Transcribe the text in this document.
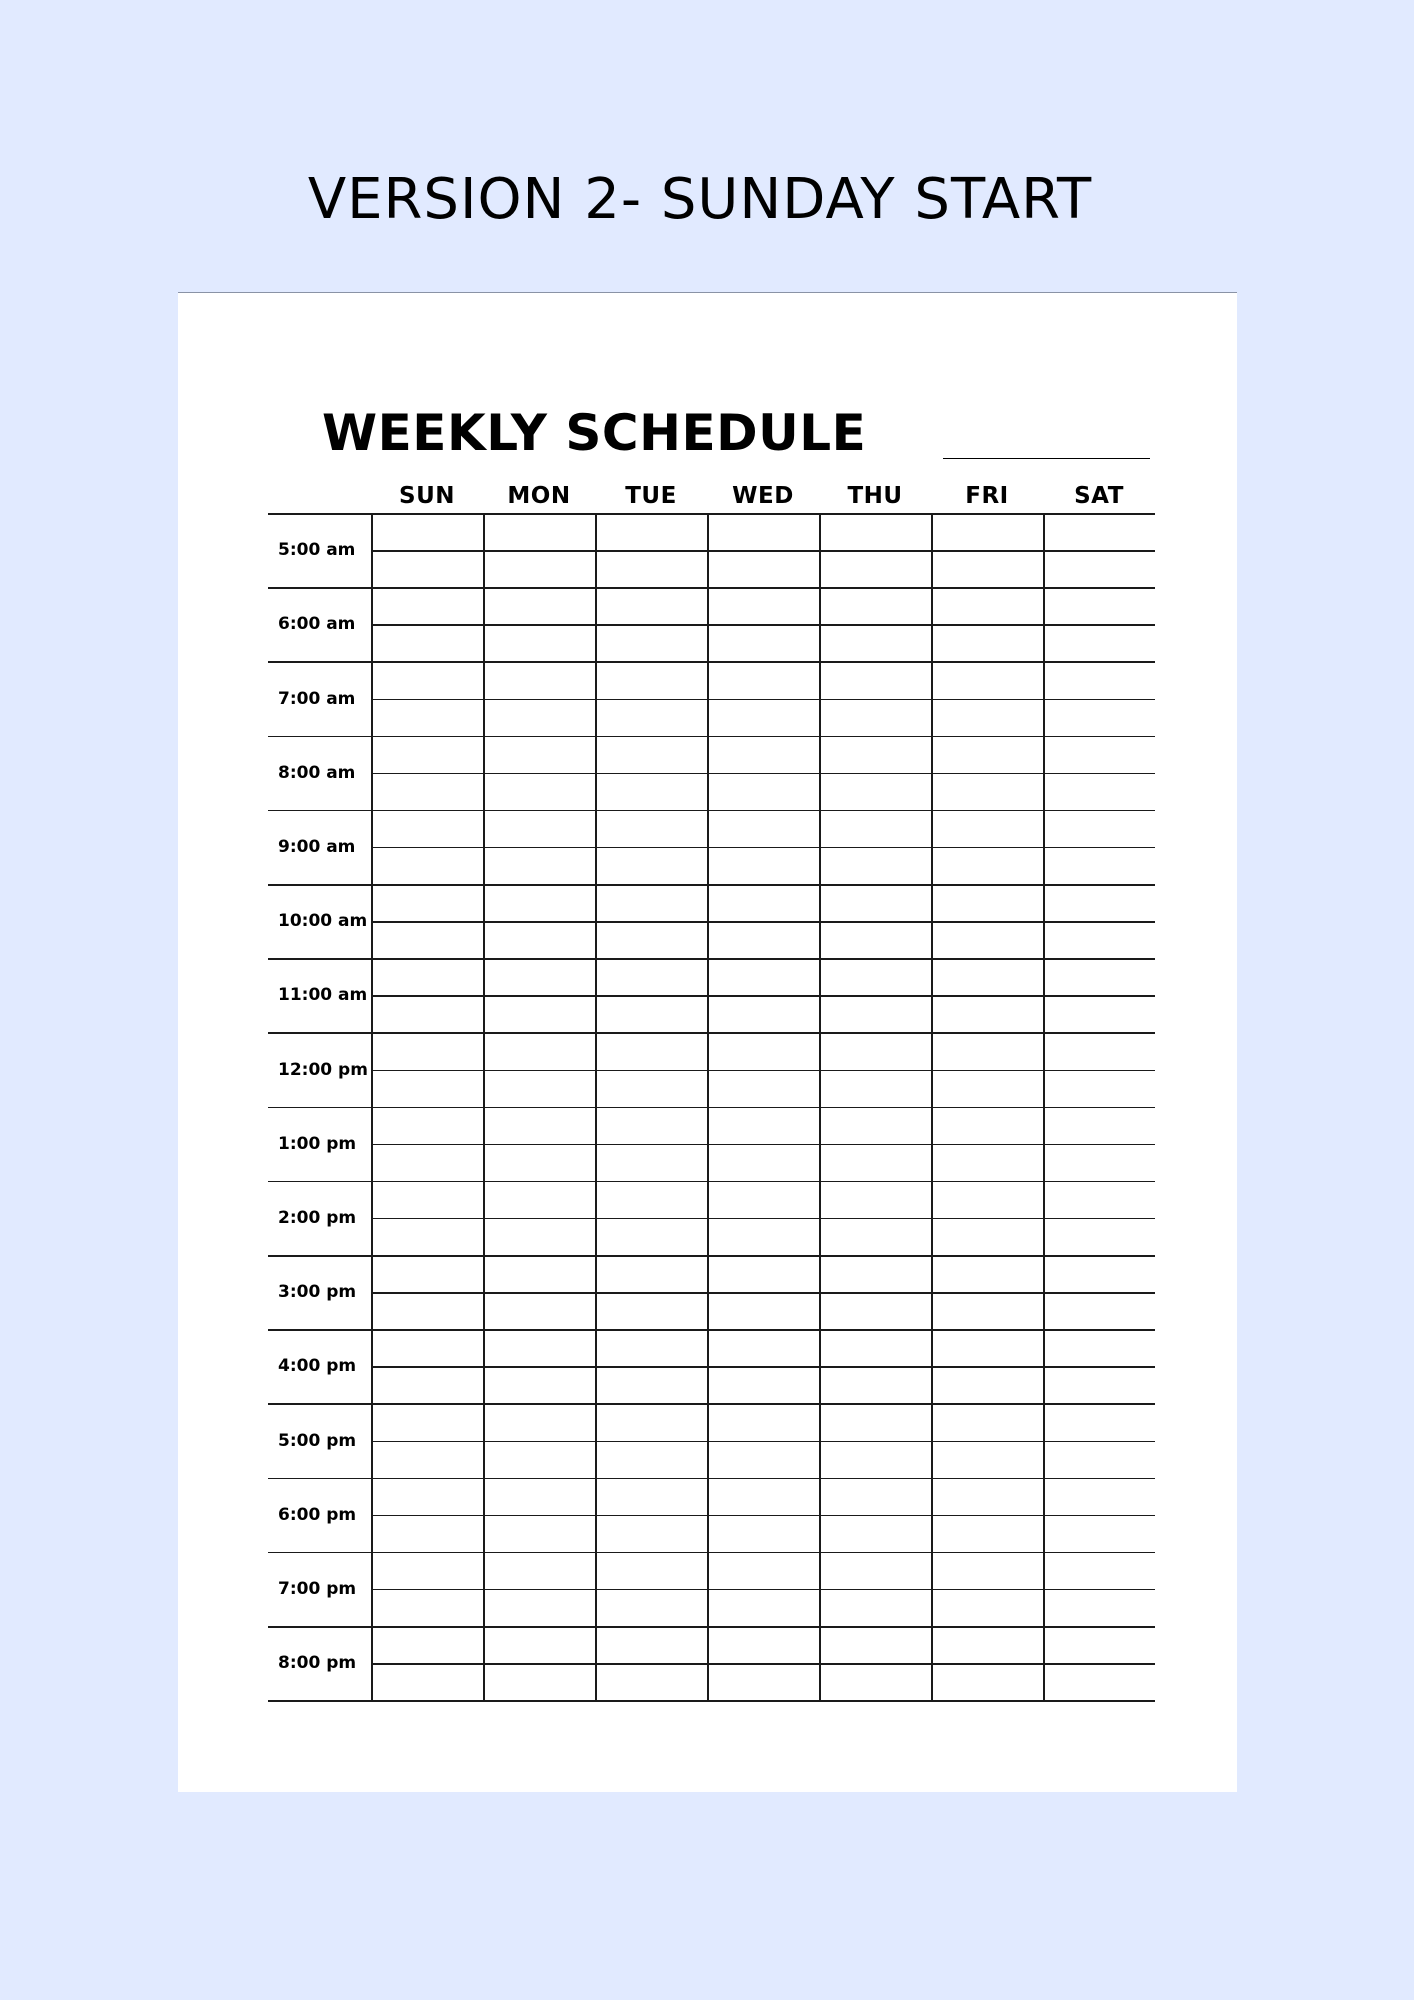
VERSION 2- SUNDAY START
WEEKLY SCHEDULE
SUN	MON	TUE	WED	THU	FRI	SAT
5:00 am
6:00 am
7:00 am
8:00 am
9:00 am
10:00 am
11:00 am
12:00 pm
1:00 pm
2:00 pm
3:00 pm
4:00 pm
5:00 pm
6:00 pm
7:00 pm
8:00 pm
